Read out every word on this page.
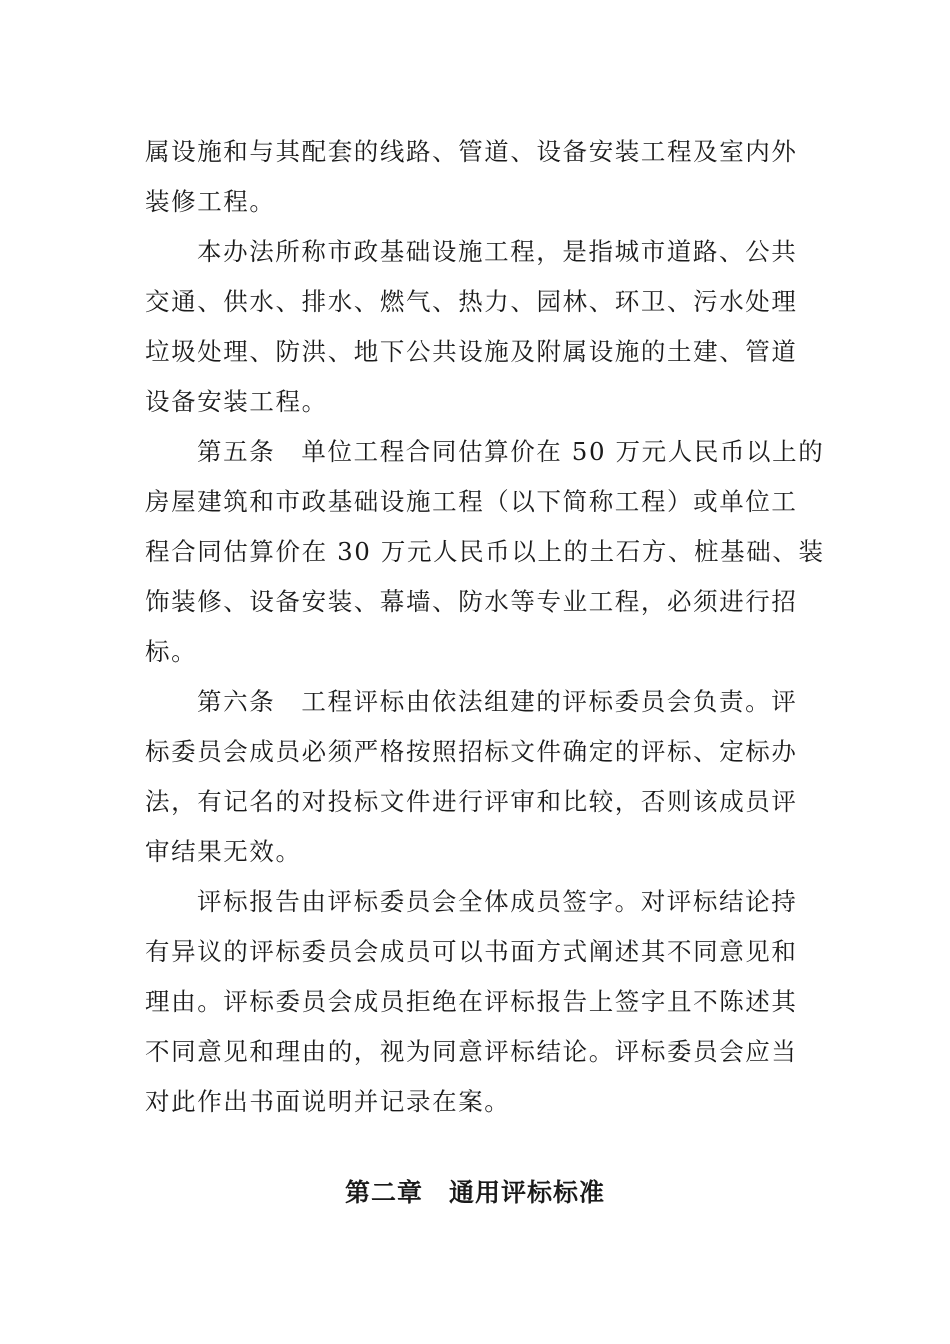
属设施和与其配套的线路、管道、设备安装工程及室内外
装修工程。
本办法所称市政基础设施工程，是指城市道路、公共
交通、供水、排水、燃气、热力、园林、环卫、污水处理
垃圾处理、防洪、地下公共设施及附属设施的土建、管道
设备安装工程。
第五条　单位工程合同估算价在 50 万元人民币以上的
房屋建筑和市政基础设施工程（以下简称工程）或单位工
程合同估算价在 30 万元人民币以上的土石方、桩基础、装
饰装修、设备安装、幕墙、防水等专业工程，必须进行招
标。
第六条　工程评标由依法组建的评标委员会负责。评
标委员会成员必须严格按照招标文件确定的评标、定标办
法，有记名的对投标文件进行评审和比较，否则该成员评
审结果无效。
评标报告由评标委员会全体成员签字。对评标结论持
有异议的评标委员会成员可以书面方式阐述其不同意见和
理由。评标委员会成员拒绝在评标报告上签字且不陈述其
不同意见和理由的，视为同意评标结论。评标委员会应当
对此作出书面说明并记录在案。
第二章　通用评标标准
